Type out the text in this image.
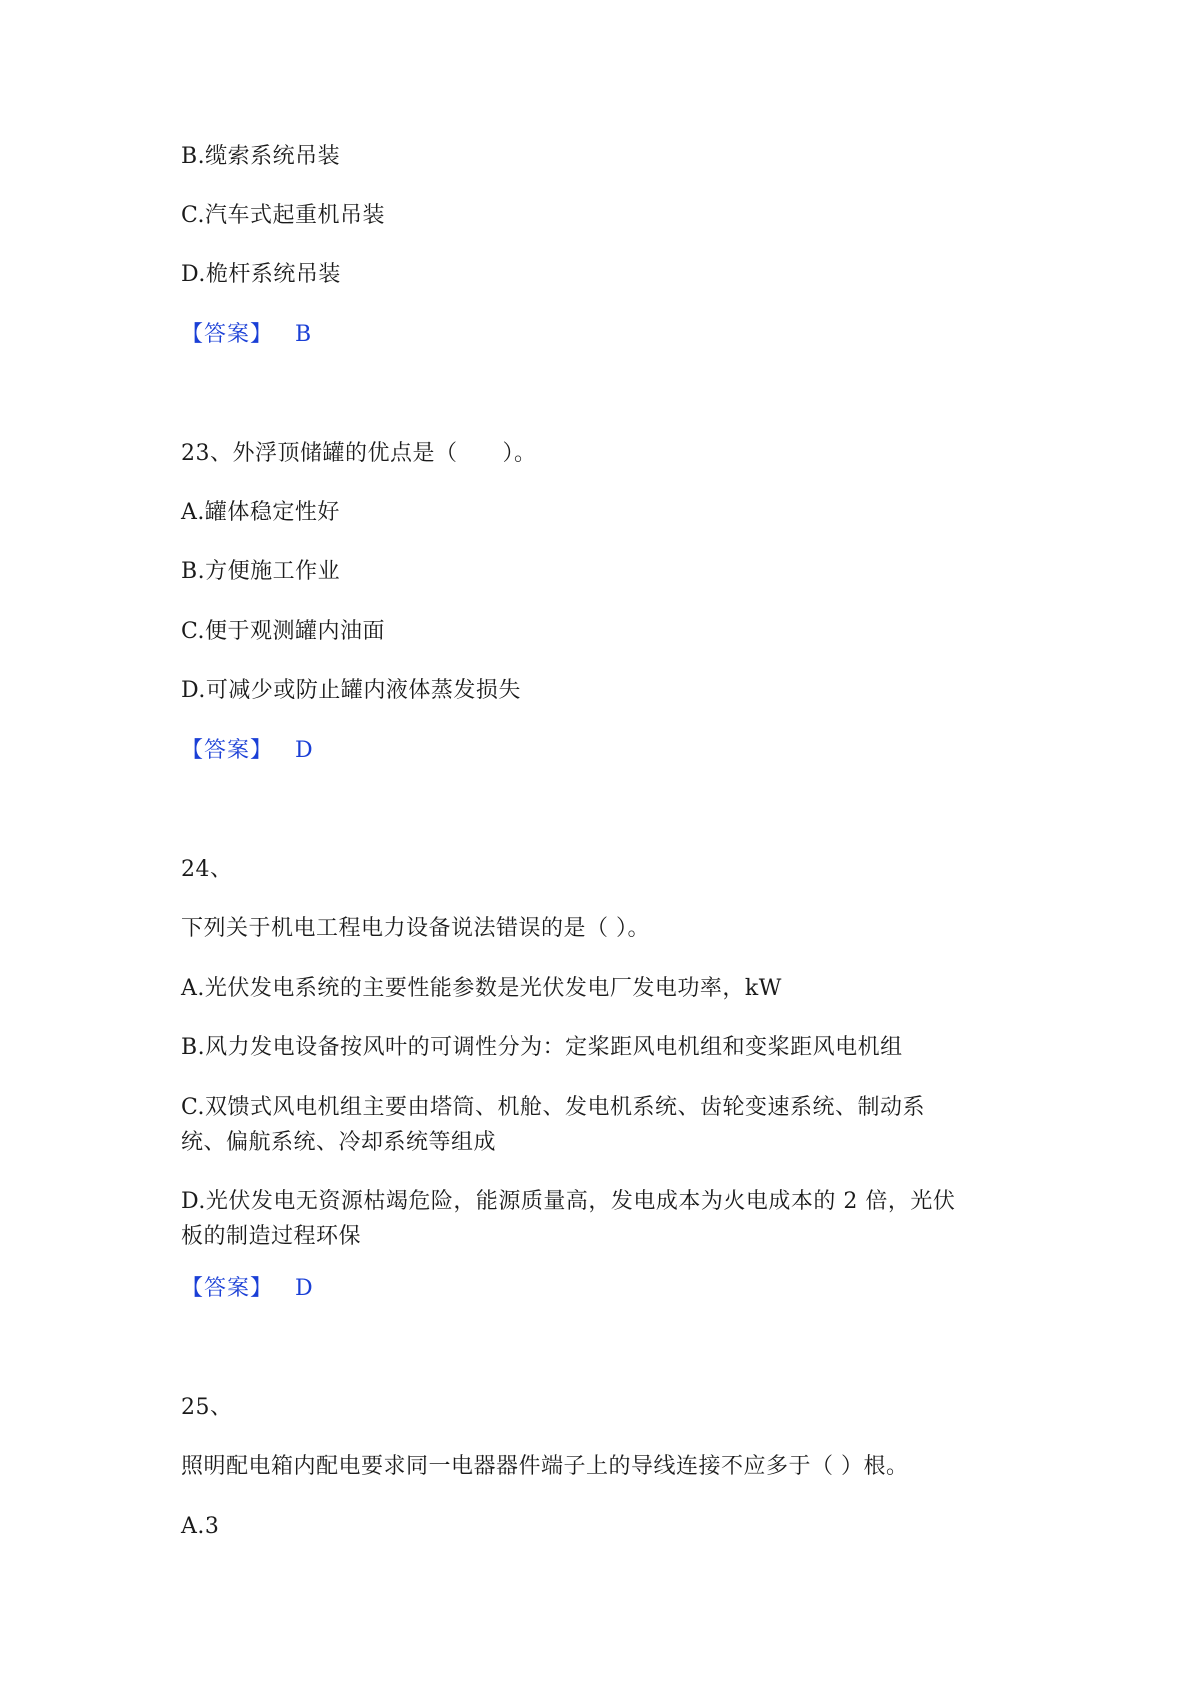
B.缆索系统吊装
C.汽车式起重机吊装
D.桅杆系统吊装
【答案】 B
23、外浮顶储罐的优点是（　　）。
A.罐体稳定性好
B.方便施工作业
C.便于观测罐内油面
D.可减少或防止罐内液体蒸发损失
【答案】 D
24、
下列关于机电工程电力设备说法错误的是（ ）。
A.光伏发电系统的主要性能参数是光伏发电厂发电功率，kW
B.风力发电设备按风叶的可调性分为：定桨距风电机组和变桨距风电机组
C.双馈式风电机组主要由塔筒、机舱、发电机系统、齿轮变速系统、制动系
统、偏航系统、冷却系统等组成
D.光伏发电无资源枯竭危险，能源质量高，发电成本为火电成本的 2 倍，光伏
板的制造过程环保
【答案】 D
25、
照明配电箱内配电要求同一电器器件端子上的导线连接不应多于（ ）根。
A.3
